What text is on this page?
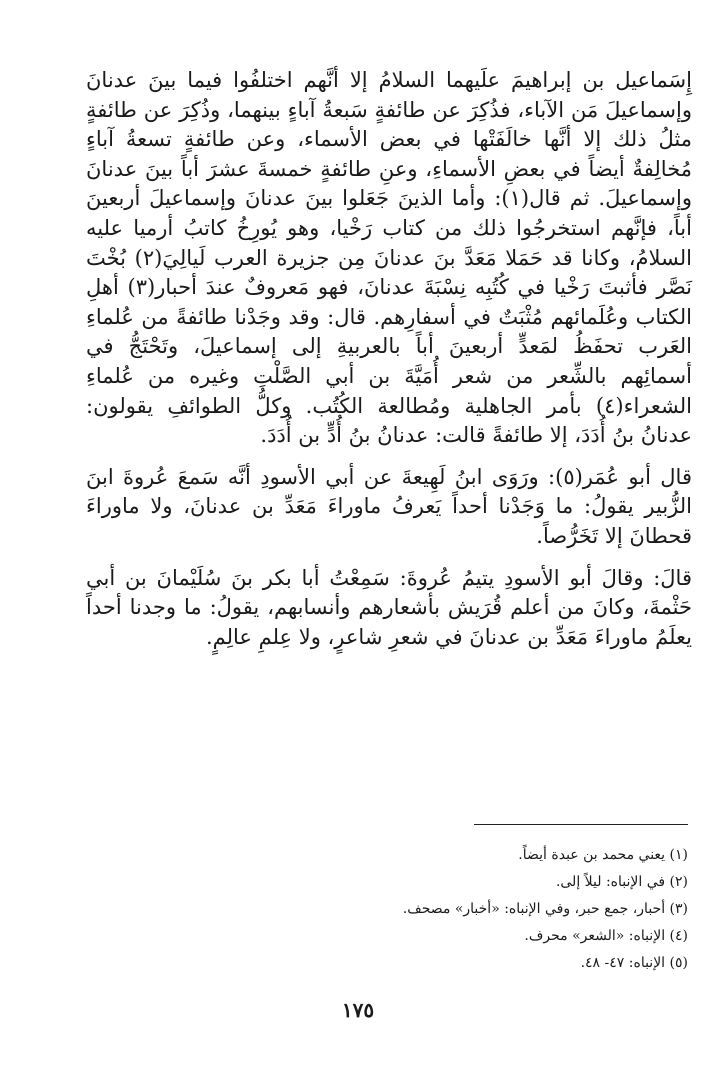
إِسَماعيل بن إبراهيمَ علَيهما السلامُ إلا أنَّهم اختلفُوا فيما بينَ عدنانَ وإسماعيلَ مَن الآباء، فذُكِرَ عن طائفةٍ سَبعةُ آباءٍ بينهما، وذُكِرَ عن طائفةٍ مثلُ ذلك إلا أنَّها خالَفَتْها في بعض الأسماء، وعن طائفةٍ تسعةُ آباءٍ مُخالِفةٌ أيضاً في بعضِ الأسماءِ، وعنِ طائفةٍ خمسةَ عشرَ أباً بينَ عدنانَ وإسماعيلَ. ثم قال(١): وأما الذينَ جَعَلوا بينَ عدنانَ وإسماعيلَ أربعينَ أباً، فإنَّهم استخرجُوا ذلك من كتاب رَخْيا، وهو يُورِخُ كاتبُ أرميا عليه السلامُ، وكانا قد حَمَلا مَعَدَّ بنَ عدنانَ مِن جزيرة العرب لَيالِيَ(٢) بُخْتَ نَصَّر فأثبتَ رَخْيا في كُتُبِه نِسْبَةَ عدنانَ، فهو مَعروفٌ عندَ أحبار(٣) أهلِ الكتاب وعُلَمائهم مُثْبَتٌ في أسفارِهم. قال: وقد وجَدْنا طائفةً من عُلماءِ العَرب تحفَظُ لمَعدٍّ أربعينَ أباً بالعربيةِ إلى إسماعيلَ، وتَحْتَجُّ في أسمائِهم بالشِّعر من شعر أُمَيَّةَ بن أبي الصَّلْتِ وغيره من عُلماءِ الشعراء(٤) بأمر الجاهلية ومُطالعة الكُتُب. وكلُّ الطوائفِ يقولون: عدنانُ بنُ أُدَدَ، إلا طائفةً قالت: عدنانُ بنُ أُدٍّ بن أُدَدَ.

قال أبو عُمَر(٥): ورَوَى ابنُ لَهِيعةَ عن أبي الأسودِ أنَّه سَمعَ عُروةَ ابنَ الزُّبير يقولُ: ما وَجَدْنا أحداً يَعرفُ ماوراءَ مَعَدِّ بن عدنانَ، ولا ماوراءَ قحطانَ إلا تَخَرُّصاً.

قالَ: وقالَ أبو الأسودِ يتيمُ عُروةَ: سَمِعْتُ أبا بكر بنَ سُلَيْمانَ بن أبي حَثْمةَ، وكانَ من أعلم قُرَيش بأشعارهم وأنسابهم، يقولُ: ما وجدنا أحداً يعلَمُ ماوراءَ مَعَدِّ بن عدنانَ في شعرِ شاعرٍ، ولا عِلمِ عالِمٍ.

(١) يعني محمد بن عبدة أيضاً.

(٢) في الإنباه: ليلاً إلى.

(٣) أحبار، جمع حبر، وفي الإنباه: «أخبار» مصحف.

(٤) الإنباه: «الشعر» محرف.

(٥) الإنباه: ٤٧- ٤٨.

١٧٥
